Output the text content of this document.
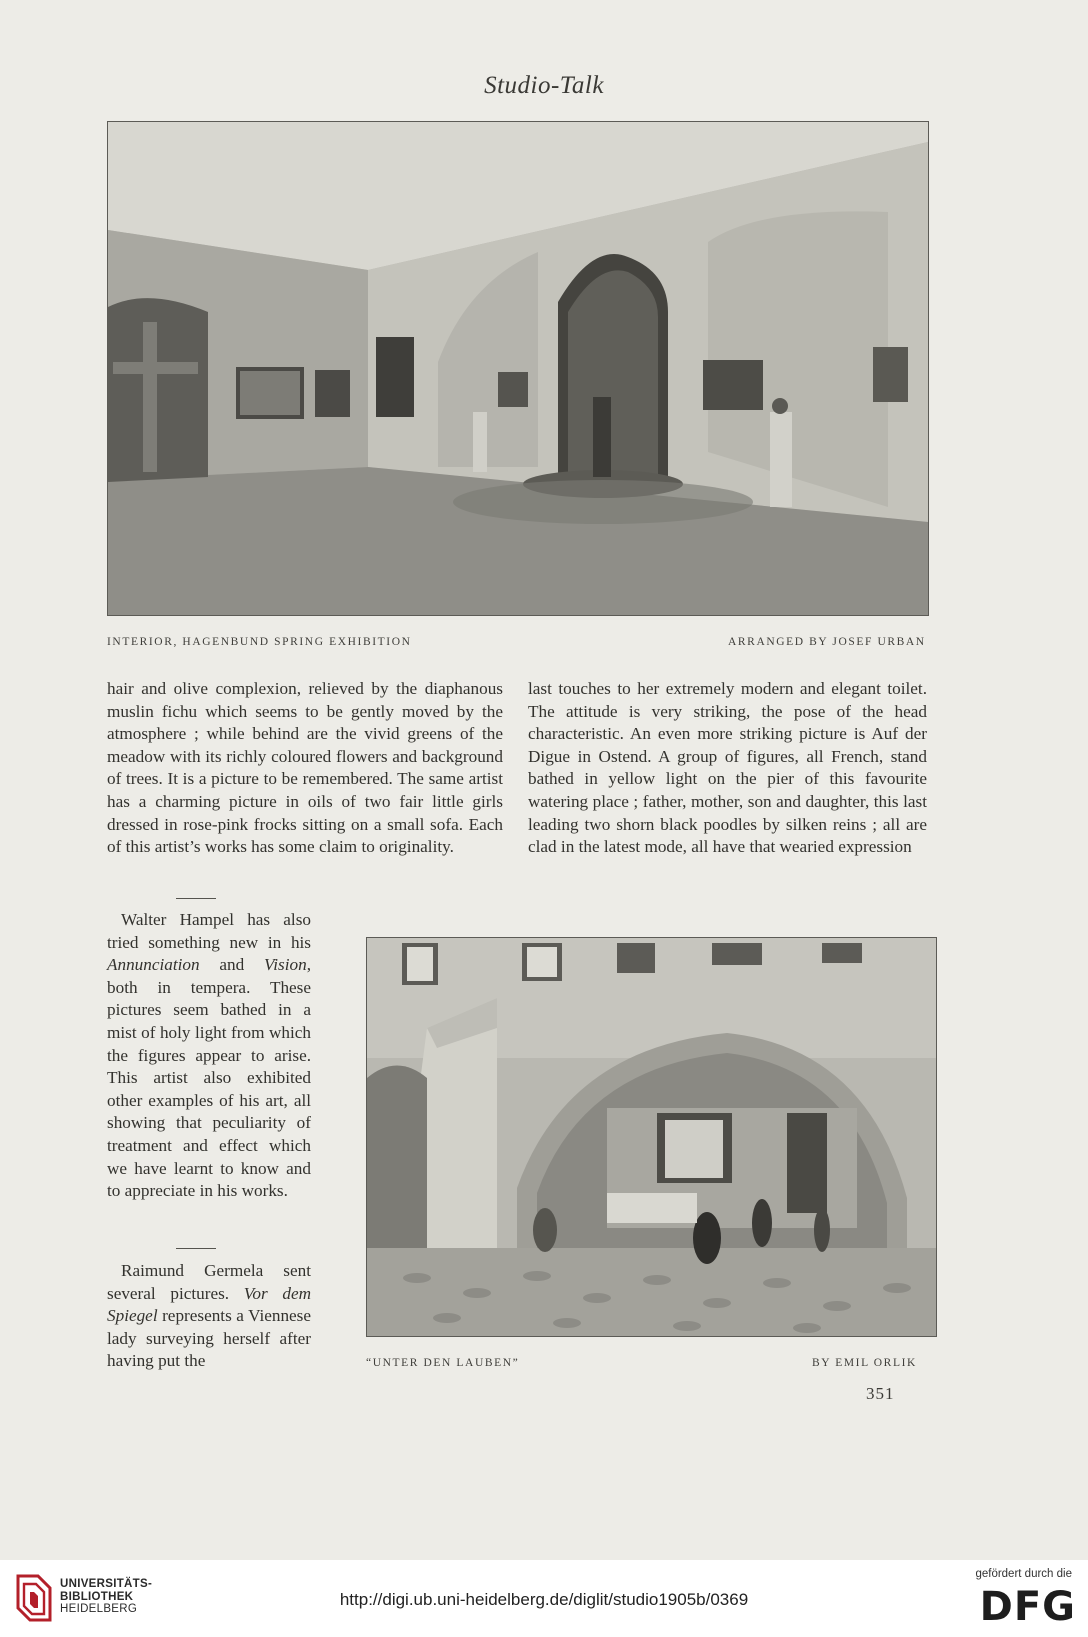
Studio-Talk
INTERIOR, HAGENBUND SPRING EXHIBITION	ARRANGED BY JOSEF URBAN

hair and olive complexion, relieved by the diaphanous muslin fichu which seems to be gently moved by the atmosphere ; while behind are the vivid greens of the meadow with its richly coloured flowers and background of trees. It is a picture to be remembered. The same artist has a charming picture in oils of two fair little girls dressed in rose-pink frocks sitting on a small sofa. Each of this artist’s works has some claim to originality.

last touches to her extremely modern and elegant toilet. The attitude is very striking, the pose of the head characteristic. An even more striking picture is Auf der Digue in Ostend. A group of figures, all French, stand bathed in yellow light on the pier of this favourite watering place ; father, mother, son and daughter, this last leading two shorn black poodles by silken reins ; all are clad in the latest mode, all have that wearied expression

Walter Hampel has also tried something new in his Annunciation and Vision, both in tempera. These pictures seem bathed in a mist of holy light from which the figures appear to arise. This artist also exhibited other examples of his art, all showing that peculiarity of treatment and effect which we have learnt to know and to appreciate in his works.

Raimund Germela sent several pictures. Vor dem Spiegel represents a Viennese lady surveying herself after having put the	“UNTER DEN LAUBEN”	BY EMIL ORLIK
351
UNIVERSITÄTS-
BIBLIOTHEK
HEIDELBERG	http://digi.ub.uni-heidelberg.de/diglit/studio1905b/0369
gefördert durch die
DFG
